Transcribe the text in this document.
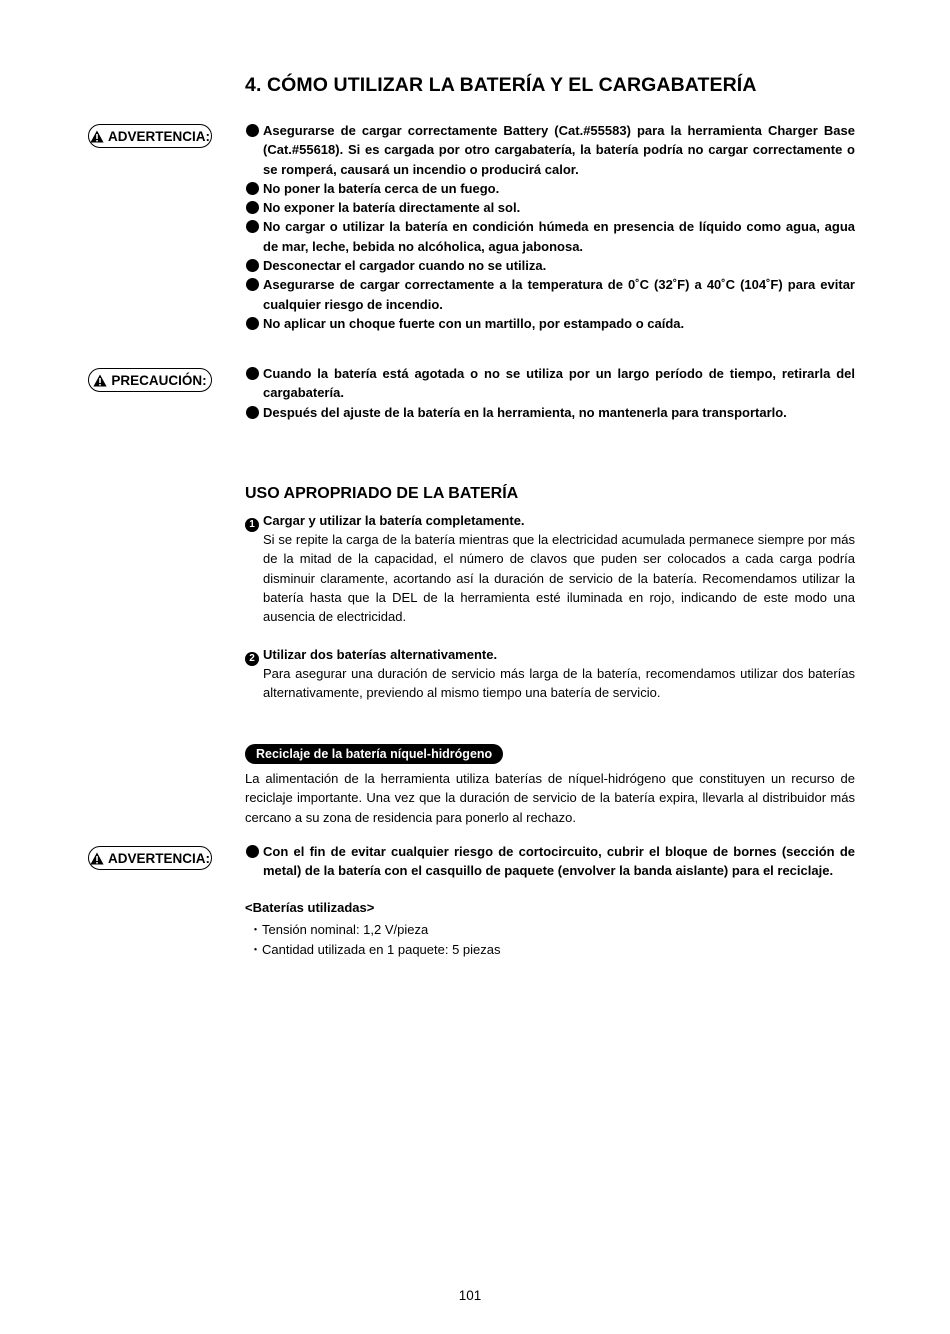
4. CÓMO UTILIZAR LA BATERÍA Y EL CARGABATERÍA
ADVERTENCIA:	Asegurarse de cargar correctamente Battery (Cat.#55583) para la herramienta Charger Base (Cat.#55618). Si es cargada por otro cargabatería, la batería podría no cargar correctamente o se romperá, causará un incendio o producirá calor.
No poner la batería cerca de un fuego.
No exponer la batería directamente al sol.
No cargar o utilizar la batería en condición húmeda en presencia de líquido como agua, agua de mar, leche, bebida no alcóholica, agua jabonosa.
Desconectar el cargador cuando no se utiliza.
Asegurarse de cargar correctamente a la temperatura de 0˚C (32˚F) a 40˚C (104˚F) para evitar cualquier riesgo de incendio.
No aplicar un choque fuerte con un martillo, por estampado o caída.
PRECAUCIÓN:	Cuando la batería está agotada o no se utiliza por un largo período de tiempo, retirarla del cargabatería.
Después del ajuste de la batería en la herramienta, no mantenerla para transportarlo.
USO APROPRIADO DE LA BATERÍA
1 Cargar y utilizar la batería completamente.
Si se repite la carga de la batería mientras que la electricidad acumulada permanece siempre por más de la mitad de la capacidad, el número de clavos que puden ser colocados a cada carga podría disminuir claramente, acortando así la duración de servicio de la batería. Recomendamos utilizar la batería hasta que la DEL de la herramienta esté iluminada en rojo, indicando de este modo una ausencia de electricidad.
2 Utilizar dos baterías alternativamente.
Para asegurar una duración de servicio más larga de la batería, recomendamos utilizar dos baterías alternativamente, previendo al mismo tiempo una batería de servicio.
Reciclaje de la batería níquel-hidrógeno
La alimentación de la herramienta utiliza baterías de níquel-hidrógeno que constituyen un recurso de reciclaje importante. Una vez que la duración de servicio de la batería expira, llevarla al distribuidor más cercano a su zona de residencia para ponerlo al rechazo.
ADVERTENCIA:	Con el fin de evitar cualquier riesgo de cortocircuito, cubrir el bloque de bornes (sección de metal) de la batería con el casquillo de paquete (envolver la banda aislante) para el reciclaje.
<Baterías utilizadas>
・Tensión nominal: 1,2 V/pieza
・Cantidad utilizada en 1 paquete: 5 piezas
101
